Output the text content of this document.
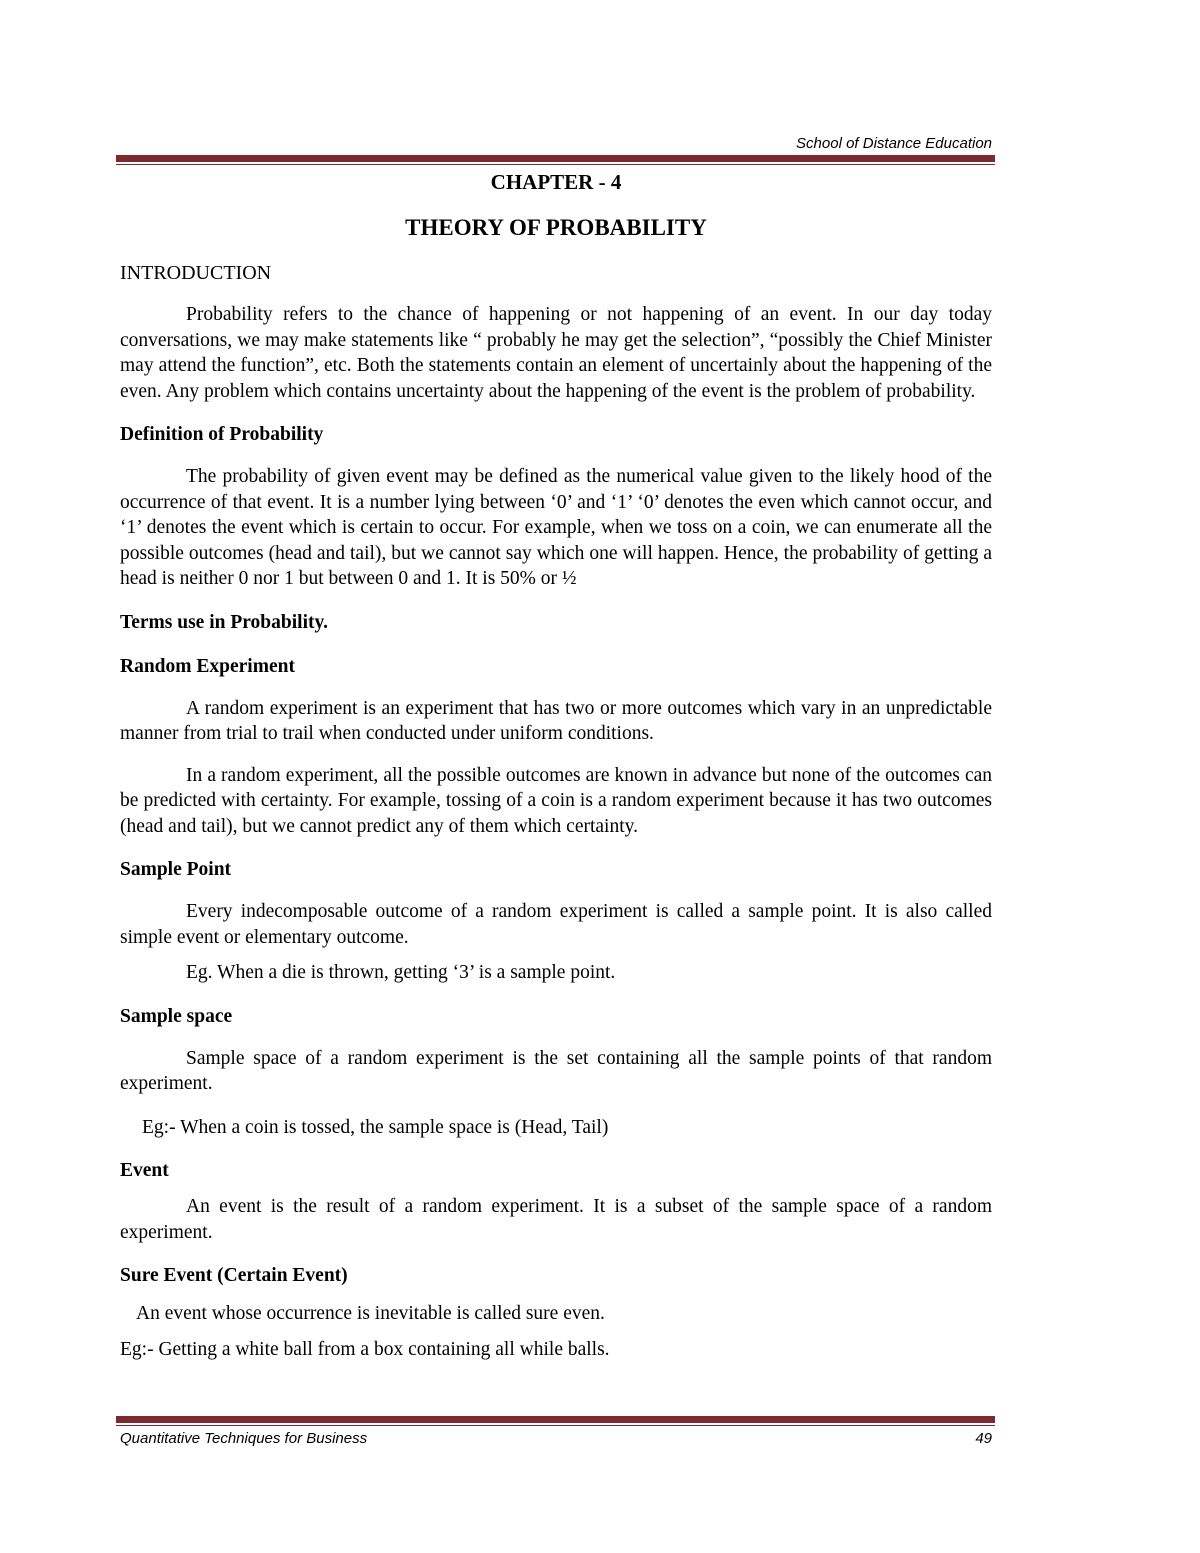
School of Distance Education
CHAPTER - 4
THEORY OF PROBABILITY
INTRODUCTION

Probability refers to the chance of happening or not happening of an event. In our day today conversations, we may make statements like “ probably he may get the selection”, “possibly the Chief Minister may attend the function”, etc. Both the statements contain an element of uncertainly about the happening of the even. Any problem which contains uncertainty about the happening of the event is the problem of probability.

Definition of Probability

The probability of given event may be defined as the numerical value given to the likely hood of the occurrence of that event. It is a number lying between ‘0’ and ‘1’ ‘0’ denotes the even which cannot occur, and ‘1’ denotes the event which is certain to occur. For example, when we toss on a coin, we can enumerate all the possible outcomes (head and tail), but we cannot say which one will happen. Hence, the probability of getting a head is neither 0 nor 1 but between 0 and 1. It is 50% or ½

Terms use in Probability.
Random Experiment

A random experiment is an experiment that has two or more outcomes which vary in an unpredictable manner from trial to trail when conducted under uniform conditions.

In a random experiment, all the possible outcomes are known in advance but none of the outcomes can be predicted with certainty. For example, tossing of a coin is a random experiment because it has two outcomes (head and tail), but we cannot predict any of them which certainty.

Sample Point

Every indecomposable outcome of a random experiment is called a sample point. It is also called simple event or elementary outcome.

Eg. When a die is thrown, getting ‘3’ is a sample point.

Sample space

Sample space of a random experiment is the set containing all the sample points of that random experiment.

Eg:- When a coin is tossed, the sample space is (Head, Tail)

Event

An event is the result of a random experiment. It is a subset of the sample space of a random experiment.

Sure Event (Certain Event)

An event whose occurrence is inevitable is called sure even.

Eg:- Getting a white ball from a box containing all while balls.

Quantitative Techniques for Business	49
